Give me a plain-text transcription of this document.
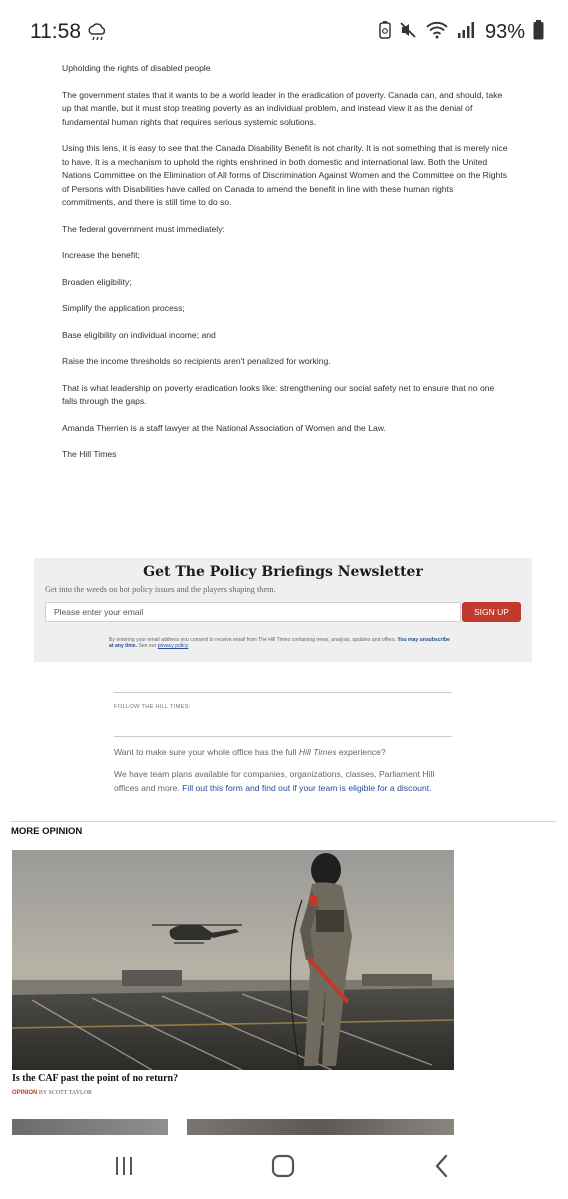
11:58	93%

Upholding the rights of disabled people

The government states that it wants to be a world leader in the eradication of poverty. Canada can, and should, take up that mantle, but it must stop treating poverty as an individual problem, and instead view it as the denial of fundamental human rights that requires serious systemic solutions.

Using this lens, it is easy to see that the Canada Disability Benefit is not charity. It is not something that is merely nice to have. It is a mechanism to uphold the rights enshrined in both domestic and international law. Both the United Nations Committee on the Elimination of All forms of Discrimination Against Women and the Committee on the Rights of Persons with Disabilities have called on Canada to amend the benefit in line with these human rights commitments, and there is still time to do so.

The federal government must immediately:

Increase the benefit;

Broaden eligibility;

Simplify the application process;

Base eligibility on individual income; and

Raise the income thresholds so recipients aren't penalized for working.

That is what leadership on poverty eradication looks like: strengthening our social safety net to ensure that no one falls through the gaps.

Amanda Therrien is a staff lawyer at the National Association of Women and the Law.

The Hill Times

Get The Policy Briefings Newsletter
Get into the weeds on hot policy issues and the players shaping them.
Please enter your email
SIGN UP
By entering your email address you consent to receive email from The Hill Times containing news, analysis, updates and offers. You may unsubscribe at any time. See our privacy policy
FOLLOW THE HILL TIMES:
Want to make sure your whole office has the full Hill Times experience?
We have team plans available for companies, organizations, classes, Parliament Hill offices and more. Fill out this form and find out if your team is eligible for a discount.
MORE OPINION
Is the CAF past the point of no return?
OPINION BY SCOTT TAYLOR
